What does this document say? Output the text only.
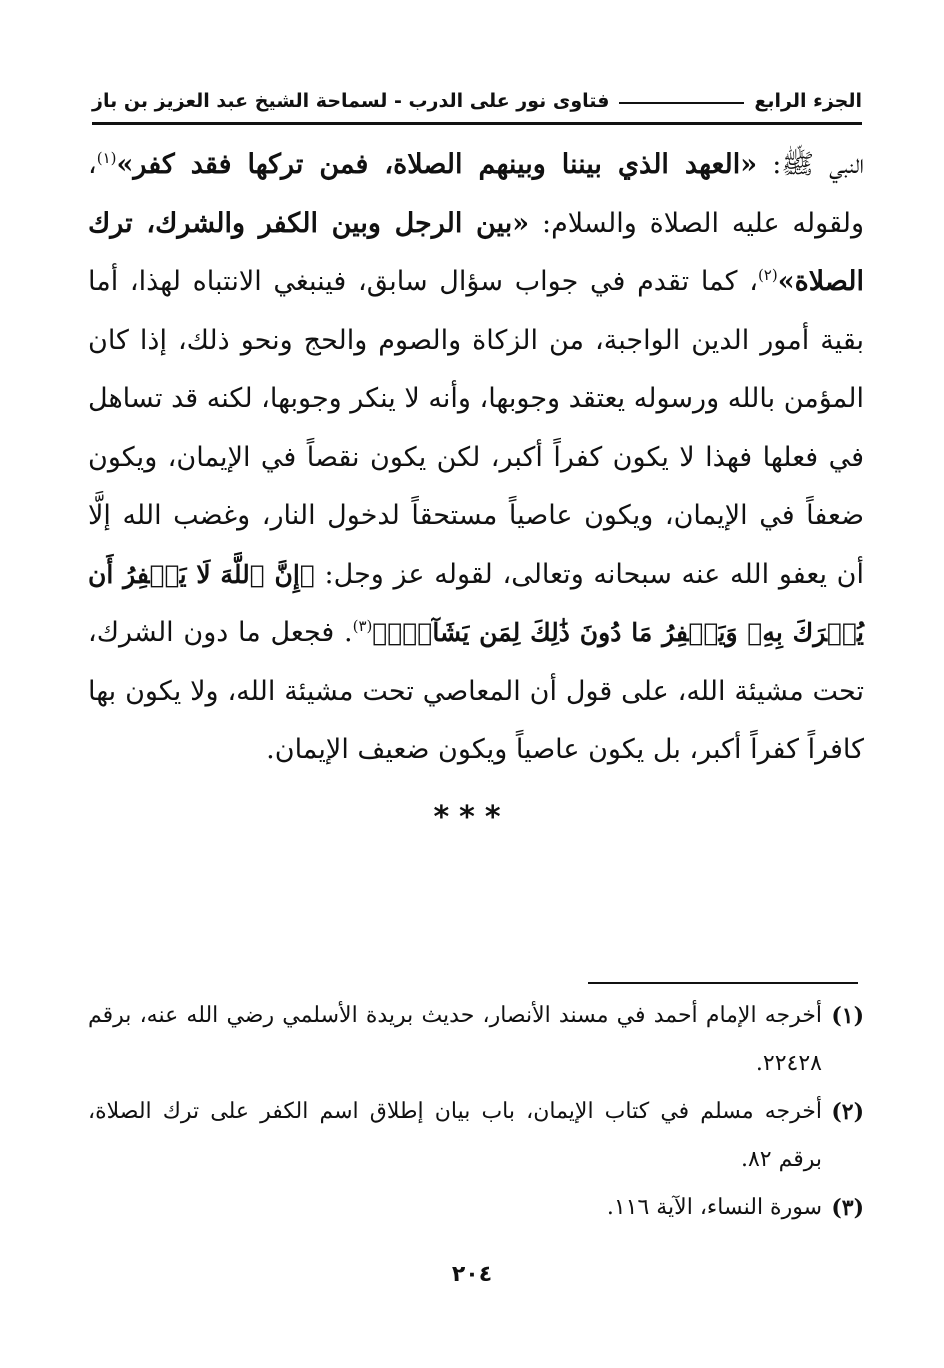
فتاوى نور على الدرب - لسماحة الشيخ عبد العزيز بن باز	الجزء الرابع

النبي ﷺ: «العهد الذي بيننا وبينهم الصلاة، فمن تركها فقد كفر»$^{(١)}$، ولقوله عليه الصلاة والسلام: «بين الرجل وبين الكفر والشرك، ترك الصلاة»$^{(٢)}$، كما تقدم في جواب سؤال سابق، فينبغي الانتباه لهذا، أما بقية أمور الدين الواجبة، من الزكاة والصوم والحج ونحو ذلك، إذا كان المؤمن بالله ورسوله يعتقد وجوبها، وأنه لا ينكر وجوبها، لكنه قد تساهل في فعلها فهذا لا يكون كفراً أكبر، لكن يكون نقصاً في الإيمان، ويكون ضعفاً في الإيمان، ويكون عاصياً مستحقاً لدخول النار، وغضب الله إلَّا أن يعفو الله عنه سبحانه وتعالى، لقوله عز وجل: ﴿إِنَّ ٱللَّهَ لَا يَغۡفِرُ أَن يُشۡرَكَ بِهِۦ وَيَغۡفِرُ مَا دُونَ ذَٰلِكَ لِمَن يَشَآءُۚ﴾$^{(٣)}$. فجعل ما دون الشرك، تحت مشيئة الله، على قول أن المعاصي تحت مشيئة الله، ولا يكون بها كافراً كفراً أكبر، بل يكون عاصياً ويكون ضعيف الإيمان.

***

(١)
أخرجه الإمام أحمد في مسند الأنصار، حديث بريدة الأسلمي رضي الله عنه، برقم ٢٢٤٢٨.

(٢)
أخرجه مسلم في كتاب الإيمان، باب بيان إطلاق اسم الكفر على ترك الصلاة، برقم ٨٢.

(٣)
سورة النساء، الآية ١١٦.

٢٠٤
